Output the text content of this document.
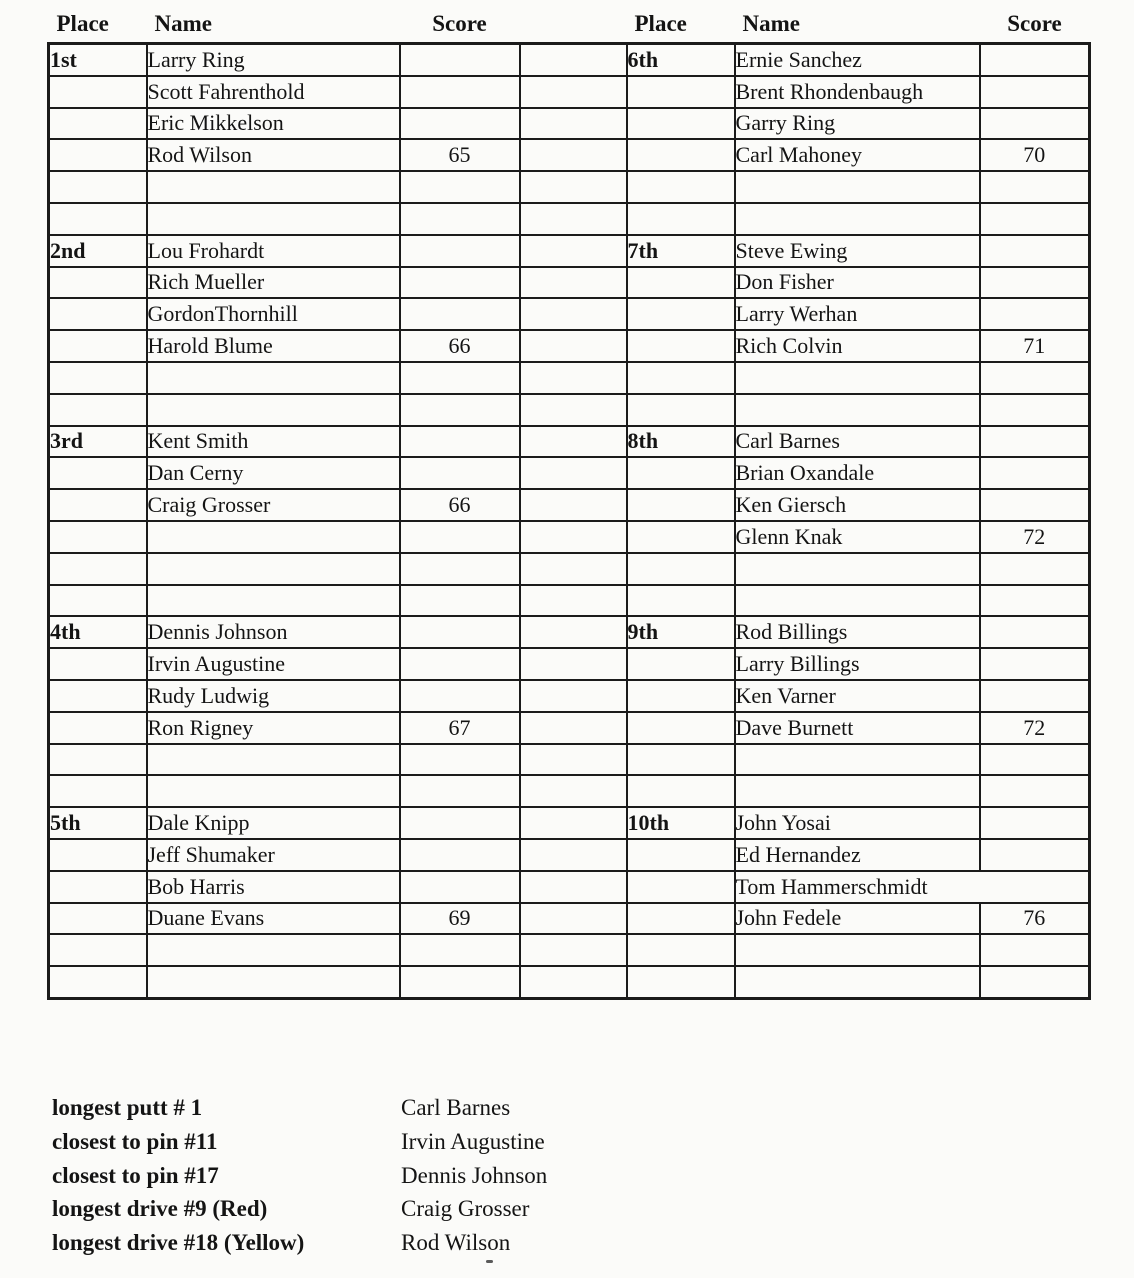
Place	Name	Score		Place	Name	Score
1st	Larry Ring			6th	Ernie Sanchez	
	Scott Fahrenthold				Brent Rhondenbaugh	
	Eric Mikkelson				Garry Ring	
	Rod Wilson	65			Carl Mahoney	70

2nd	Lou Frohardt			7th	Steve Ewing	
	Rich Mueller				Don Fisher	
	GordonThornhill				Larry Werhan	
	Harold Blume	66			Rich Colvin	71

3rd	Kent Smith			8th	Carl Barnes	
	Dan Cerny				Brian Oxandale	
	Craig Grosser	66			Ken Giersch	
					Glenn Knak	72

4th	Dennis Johnson			9th	Rod Billings	
	Irvin Augustine				Larry Billings	
	Rudy Ludwig				Ken Varner	
	Ron Rigney	67			Dave Burnett	72

5th	Dale Knipp			10th	John Yosai	
	Jeff Shumaker				Ed Hernandez	
	Bob Harris				Tom Hammerschmidt	
	Duane Evans	69			John Fedele	76

longest putt # 1	Carl Barnes
closest to pin #11	Irvin Augustine
closest to pin #17	Dennis Johnson
longest drive #9 (Red)	Craig Grosser
longest drive #18 (Yellow)	Rod Wilson
